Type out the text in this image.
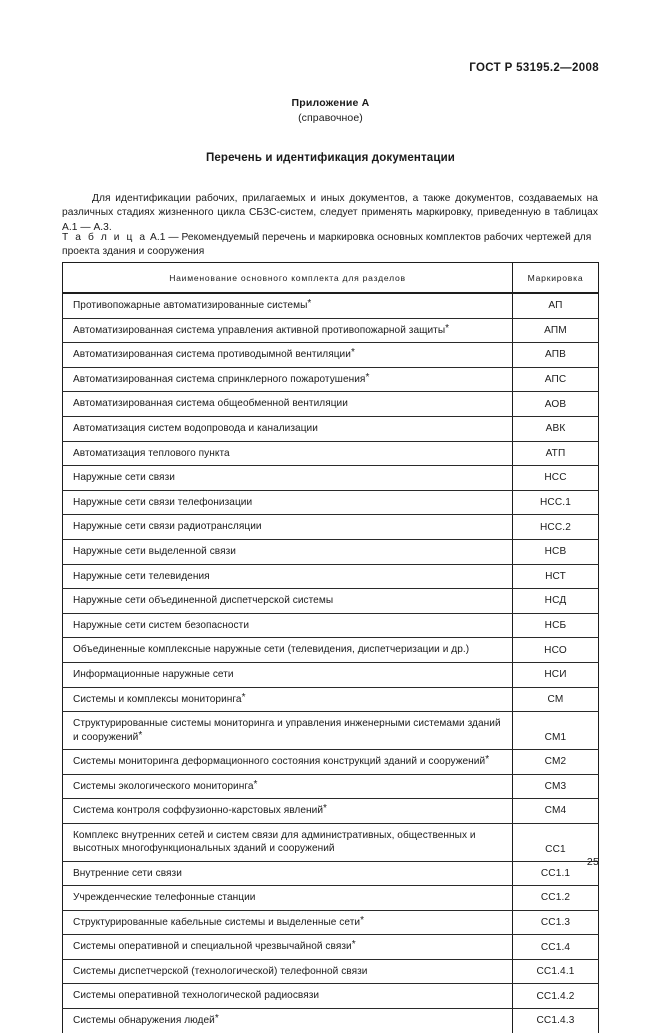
ГОСТ Р 53195.2—2008
Приложение А
(справочное)
Перечень и идентификация документации

Для идентификации рабочих, прилагаемых и иных документов, а также документов, создаваемых на различных стадиях жизненного цикла СБЗС-систем, следует применять маркировку, приведенную в таблицах А.1 — А.3.

Т а б л и ц а А.1 — Рекомендуемый перечень и маркировка основных комплектов рабочих чертежей для проекта здания и сооружения
Наименование основного комплекта для разделов	Маркировка
Противопожарные автоматизированные системы*	АП
Автоматизированная система управления активной противопожарной защиты*	АПМ
Автоматизированная система противодымной вентиляции*	АПВ
Автоматизированная система спринклерного пожаротушения*	АПС
Автоматизированная система общеобменной вентиляции	АОВ
Автоматизация систем водопровода и канализации	АВК
Автоматизация теплового пункта	АТП
Наружные сети связи	НСС
Наружные сети связи телефонизации	НСС.1
Наружные сети связи радиотрансляции	НСС.2
Наружные сети выделенной связи	НСВ
Наружные сети телевидения	НСТ
Наружные сети объединенной диспетчерской системы	НСД
Наружные сети систем безопасности	НСБ
Объединенные комплексные наружные сети (телевидения, диспетчеризации и др.)	НСО
Информационные наружные сети	НСИ
Системы и комплексы мониторинга*	СМ
Структурированные системы мониторинга и управления инженерными системами зданий и сооружений*	СМ1
Системы мониторинга деформационного состояния конструкций зданий и сооружений*	СМ2
Системы экологического мониторинга*	СМ3
Система контроля соффузионно-карстовых явлений*	СМ4
Комплекс внутренних сетей и систем связи для административных, общественных и высотных многофункциональных зданий и сооружений	СС1
Внутренние сети связи	СС1.1
Учрежденческие телефонные станции	СС1.2
Структурированные кабельные системы и выделенные сети*	СС1.3
Системы оперативной и специальной чрезвычайной связи*	СС1.4
Системы диспетчерской (технологической) телефонной связи	СС1.4.1
Системы оперативной технологической радиосвязи	СС1.4.2
Системы обнаружения людей*	СС1.4.3
25
